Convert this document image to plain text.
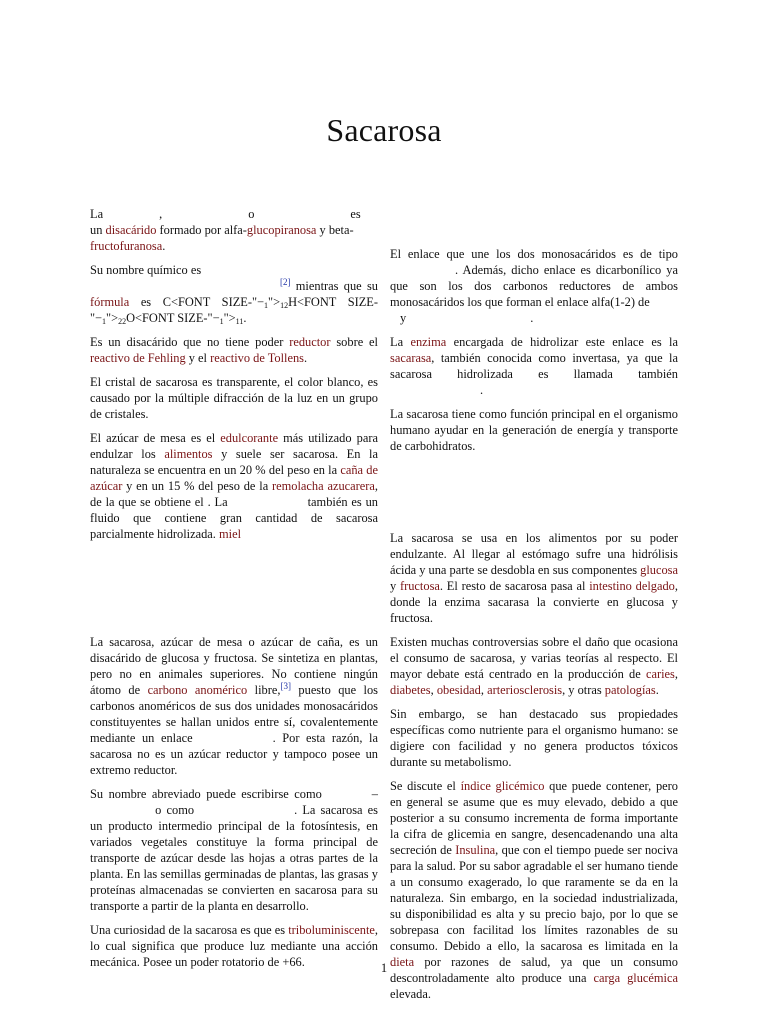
Sacarosa

La	,	o	es
un disacárido formado por alfa-glucopiranosa y beta- fructofuranosa.

Su nombre químico es
[2] mientras que su fórmula es C<FONT SIZE-"$-_1">_{12}H<FONT$ SIZE-"$-_1">_{22}O<FONT$ SIZE-"$-_1">_{11}$.

Es un disacárido que no tiene poder reductor sobre el reactivo de Fehling y el reactivo de Tollens.

El cristal de sacarosa es transparente, el color blanco, es causado por la múltiple difracción de la luz en un grupo de cristales.

El azúcar de mesa es el edulcorante más utilizado para endulzar los alimentos y suele ser sacarosa. En la naturaleza se encuentra en un 20 % del peso en la caña de azúcar y en un 15 % del peso de la remolacha azucarera, de la que se obtiene el . La	también es un fluido que contiene gran cantidad de sacarosa parcialmente hidrolizada. miel

La sacarosa, azúcar de mesa o azúcar de caña, es un disacárido de glucosa y fructosa. Se sintetiza en plantas, pero no en animales superiores. No contiene ningún átomo de carbono anomérico libre,[3] puesto que los carbonos anoméricos de sus dos unidades monosacáridos constituyentes se hallan unidos entre sí, covalentemente mediante un enlace	. Por esta razón, la sacarosa no es un azúcar reductor y tampoco posee un extremo reductor.

Su nombre abreviado puede escribirse como	– o como	. La sacarosa es un producto intermedio principal de la fotosíntesis, en variados vegetales constituye la forma principal de transporte de azúcar desde las hojas a otras partes de la planta. En las semillas germinadas de plantas, las grasas y proteínas almacenadas se convierten en sacarosa para su transporte a partir de la planta en desarrollo.

Una curiosidad de la sacarosa es que es triboluminiscente, lo cual significa que produce luz mediante una acción mecánica. Posee un poder rotatorio de +66.

El enlace que une los dos monosacáridos es de tipo . Además, dicho enlace es dicarbonílico ya que son los dos carbonos reductores de ambos monosacáridos los que forman el enlace alfa(1-2) de
y	.

La enzima encargada de hidrolizar este enlace es la sacarasa, también conocida como invertasa, ya que la sacarosa hidrolizada es llamada también.

La sacarosa tiene como función principal en el organismo humano ayudar en la generación de energía y transporte de carbohidratos.

La sacarosa se usa en los alimentos por su poder endulzante. Al llegar al estómago sufre una hidrólisis ácida y una parte se desdobla en sus componentes glucosa y fructosa. El resto de sacarosa pasa al intestino delgado, donde la enzima sacarasa la convierte en glucosa y fructosa.

Existen muchas controversias sobre el daño que ocasiona el consumo de sacarosa, y varias teorías al respecto. El mayor debate está centrado en la producción de caries, diabetes, obesidad, arteriosclerosis, y otras patologías.

Sin embargo, se han destacado sus propiedades específicas como nutriente para el organismo humano: se digiere con facilidad y no genera productos tóxicos durante su metabolismo.

Se discute el índice glicémico que puede contener, pero en general se asume que es muy elevado, debido a que posterior a su consumo incrementa de forma importante la cifra de glicemia en sangre, desencadenando una alta secreción de Insulina, que con el tiempo puede ser nociva para la salud. Por su sabor agradable el ser humano tiende a un consumo exagerado, lo que raramente se da en la naturaleza. Sin embargo, en la sociedad industrializada, su disponibilidad es alta y su precio bajo, por lo que se sobrepasa con facilitad los límites razonables de su consumo. Debido a ello, la sacarosa es limitada en la dieta por razones de salud, ya que un consumo descontroladamente alto produce una carga glucémica elevada.

1
